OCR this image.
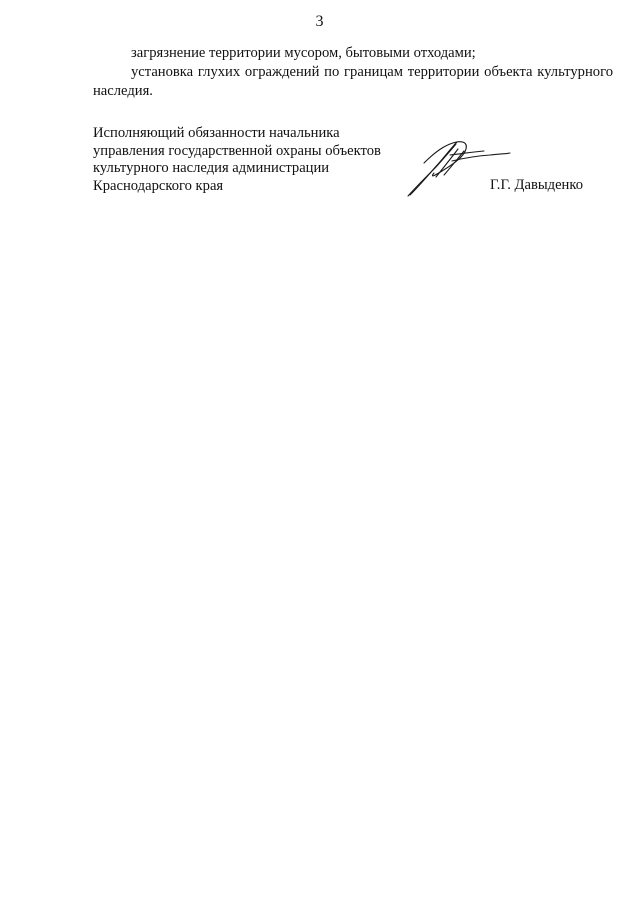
3

загрязнение территории мусором, бытовыми отходами;

установка глухих ограждений по границам территории объекта культурного наследия.

Исполняющий обязанности начальника
управления государственной охраны объектов
культурного наследия администрации
Краснодарского края	Г.Г. Давыденко
